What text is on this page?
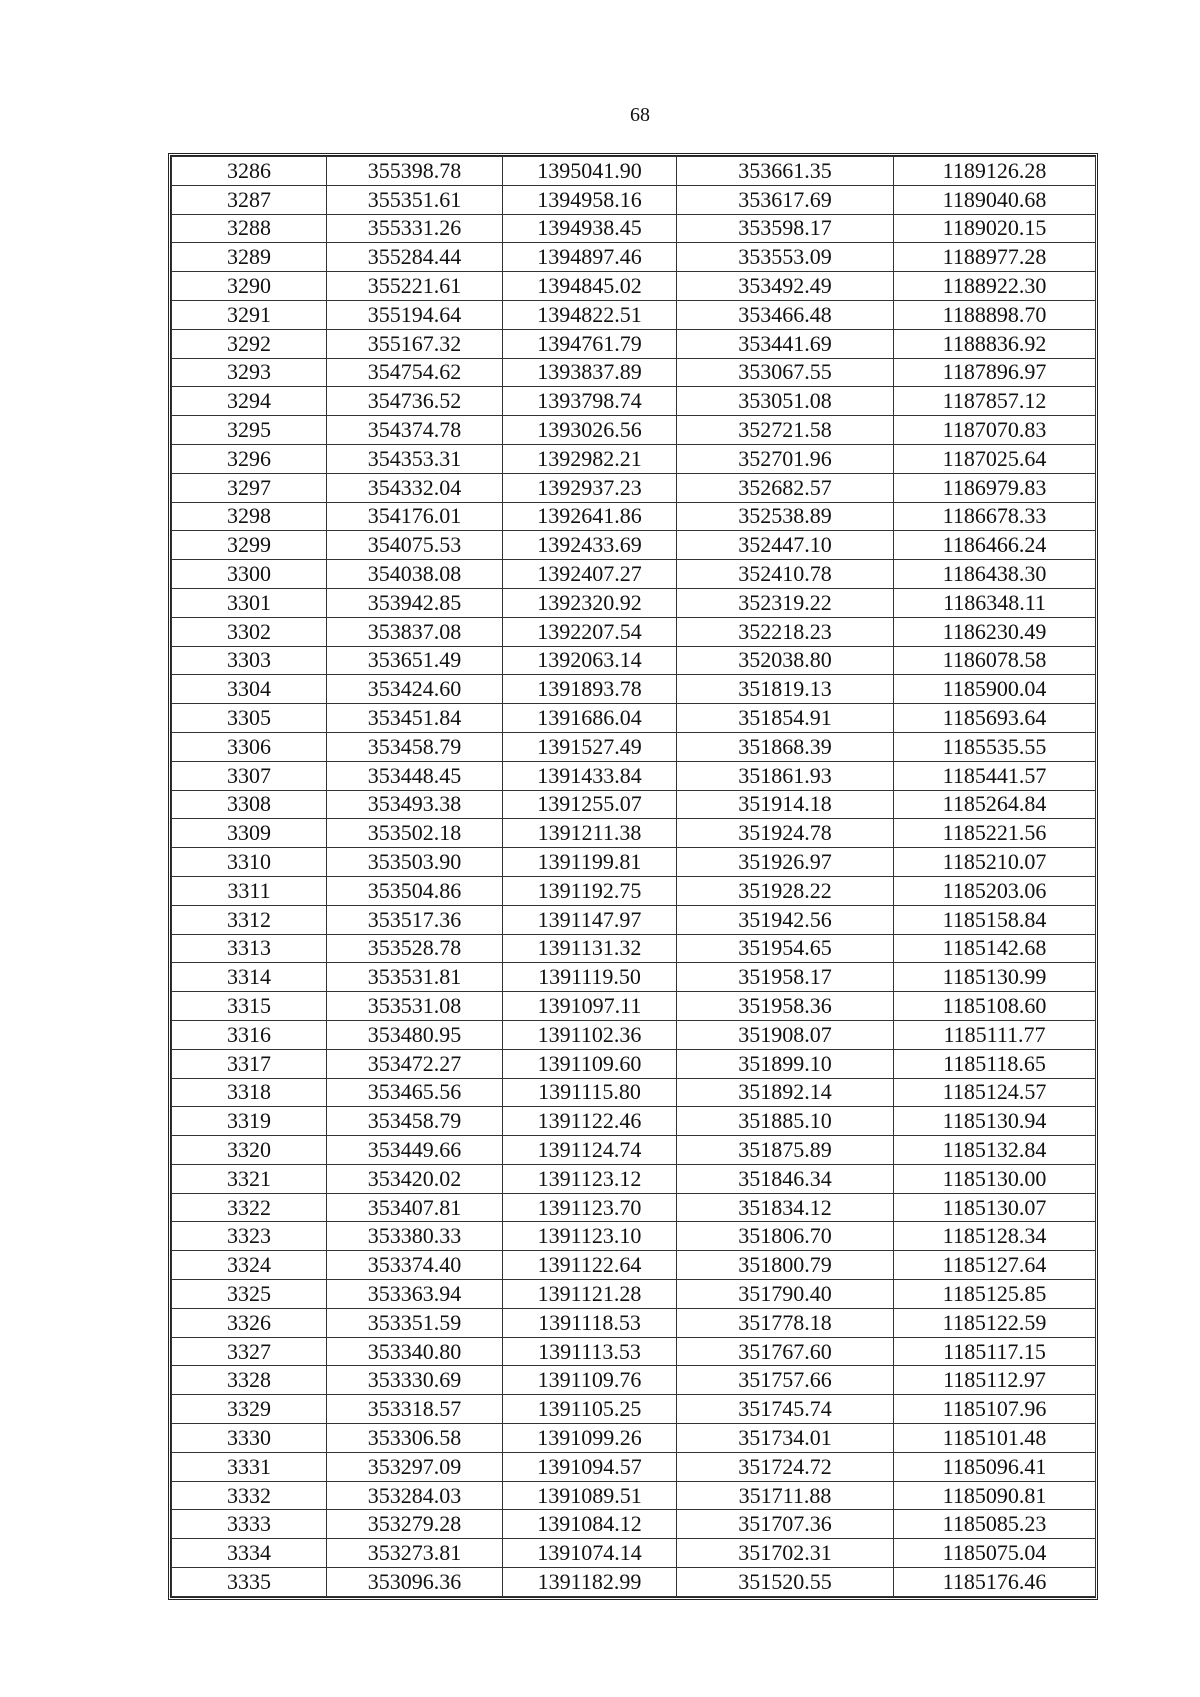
68
3286	355398.78	1395041.90	353661.35	1189126.28
3287	355351.61	1394958.16	353617.69	1189040.68
3288	355331.26	1394938.45	353598.17	1189020.15
3289	355284.44	1394897.46	353553.09	1188977.28
3290	355221.61	1394845.02	353492.49	1188922.30
3291	355194.64	1394822.51	353466.48	1188898.70
3292	355167.32	1394761.79	353441.69	1188836.92
3293	354754.62	1393837.89	353067.55	1187896.97
3294	354736.52	1393798.74	353051.08	1187857.12
3295	354374.78	1393026.56	352721.58	1187070.83
3296	354353.31	1392982.21	352701.96	1187025.64
3297	354332.04	1392937.23	352682.57	1186979.83
3298	354176.01	1392641.86	352538.89	1186678.33
3299	354075.53	1392433.69	352447.10	1186466.24
3300	354038.08	1392407.27	352410.78	1186438.30
3301	353942.85	1392320.92	352319.22	1186348.11
3302	353837.08	1392207.54	352218.23	1186230.49
3303	353651.49	1392063.14	352038.80	1186078.58
3304	353424.60	1391893.78	351819.13	1185900.04
3305	353451.84	1391686.04	351854.91	1185693.64
3306	353458.79	1391527.49	351868.39	1185535.55
3307	353448.45	1391433.84	351861.93	1185441.57
3308	353493.38	1391255.07	351914.18	1185264.84
3309	353502.18	1391211.38	351924.78	1185221.56
3310	353503.90	1391199.81	351926.97	1185210.07
3311	353504.86	1391192.75	351928.22	1185203.06
3312	353517.36	1391147.97	351942.56	1185158.84
3313	353528.78	1391131.32	351954.65	1185142.68
3314	353531.81	1391119.50	351958.17	1185130.99
3315	353531.08	1391097.11	351958.36	1185108.60
3316	353480.95	1391102.36	351908.07	1185111.77
3317	353472.27	1391109.60	351899.10	1185118.65
3318	353465.56	1391115.80	351892.14	1185124.57
3319	353458.79	1391122.46	351885.10	1185130.94
3320	353449.66	1391124.74	351875.89	1185132.84
3321	353420.02	1391123.12	351846.34	1185130.00
3322	353407.81	1391123.70	351834.12	1185130.07
3323	353380.33	1391123.10	351806.70	1185128.34
3324	353374.40	1391122.64	351800.79	1185127.64
3325	353363.94	1391121.28	351790.40	1185125.85
3326	353351.59	1391118.53	351778.18	1185122.59
3327	353340.80	1391113.53	351767.60	1185117.15
3328	353330.69	1391109.76	351757.66	1185112.97
3329	353318.57	1391105.25	351745.74	1185107.96
3330	353306.58	1391099.26	351734.01	1185101.48
3331	353297.09	1391094.57	351724.72	1185096.41
3332	353284.03	1391089.51	351711.88	1185090.81
3333	353279.28	1391084.12	351707.36	1185085.23
3334	353273.81	1391074.14	351702.31	1185075.04
3335	353096.36	1391182.99	351520.55	1185176.46
